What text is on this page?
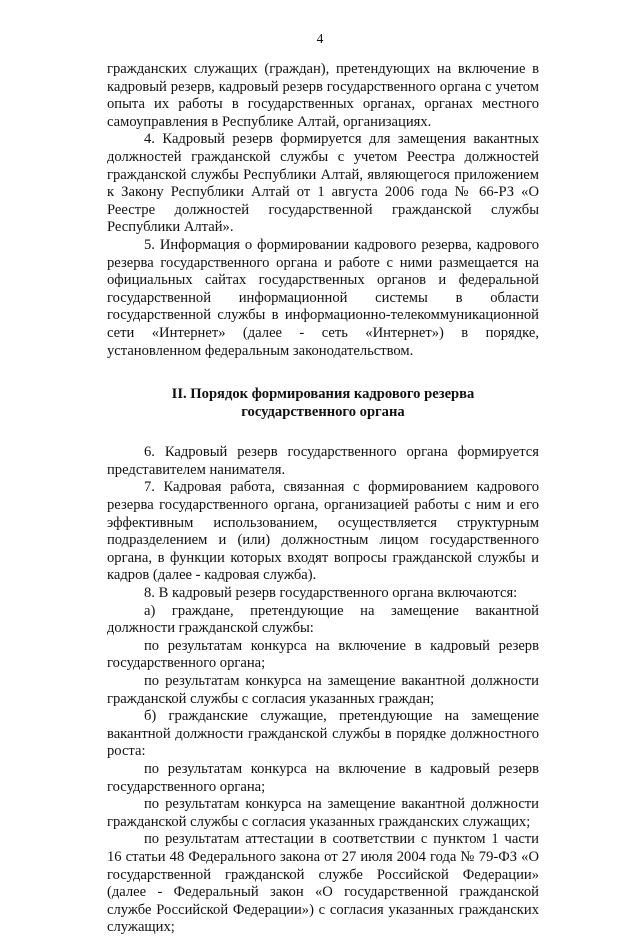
4

гражданских служащих (граждан), претендующих на включение в кадровый резерв, кадровый резерв государственного органа с учетом опыта их работы в государственных органах, органах местного самоуправления в Республике Алтай, организациях.

4. Кадровый резерв формируется для замещения вакантных должностей гражданской службы с учетом Реестра должностей гражданской службы Республики Алтай, являющегося приложением к Закону Республики Алтай от 1 августа 2006 года № 66-РЗ «О Реестре должностей государственной гражданской службы Республики Алтай».

5. Информация о формировании кадрового резерва, кадрового резерва государственного органа и работе с ними размещается на официальных сайтах государственных органов и федеральной государственной информационной системы в области государственной службы в информационно-телекоммуникационной сети «Интернет» (далее - сеть «Интернет») в порядке, установленном федеральным законодательством.

II. Порядок формирования кадрового резерва
государственного органа

6. Кадровый резерв государственного органа формируется представителем нанимателя.

7. Кадровая работа, связанная с формированием кадрового резерва государственного органа, организацией работы с ним и его эффективным использованием, осуществляется структурным подразделением и (или) должностным лицом государственного органа, в функции которых входят вопросы гражданской службы и кадров (далее - кадровая служба).

8. В кадровый резерв государственного органа включаются:

а) граждане, претендующие на замещение вакантной должности гражданской службы:

по результатам конкурса на включение в кадровый резерв государственного органа;

по результатам конкурса на замещение вакантной должности гражданской службы с согласия указанных граждан;

б) гражданские служащие, претендующие на замещение вакантной должности гражданской службы в порядке должностного роста:

по результатам конкурса на включение в кадровый резерв государственного органа;

по результатам конкурса на замещение вакантной должности гражданской службы с согласия указанных гражданских служащих;

по результатам аттестации в соответствии с пунктом 1 части 16 статьи 48 Федерального закона от 27 июля 2004 года № 79-ФЗ «О государственной гражданской службе Российской Федерации» (далее - Федеральный закон «О государственной гражданской службе Российской Федерации») с согласия указанных гражданских служащих;
